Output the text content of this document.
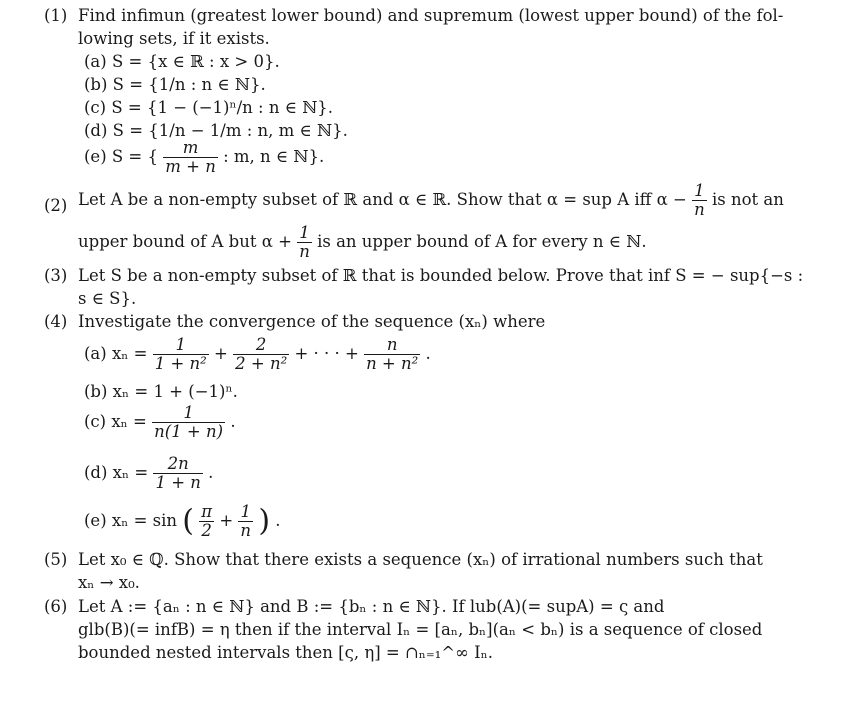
(1) Find infimun (greatest lower bound) and supremum (lowest upper bound) of the fol-
lowing sets, if it exists.
(a) S = {x ∈ ℝ : x > 0}.
(b) S = {1/n : n ∈ ℕ}.
(c) S = {1 − (−1)ⁿ/n : n ∈ ℕ}.
(d) S = {1/n − 1/m : n, m ∈ ℕ}.
(e) S = { $\frac{m}{m + n}$ : m, n ∈ ℕ}.
(2) Let A be a non-empty subset of ℝ and α ∈ ℝ. Show that α = sup A iff $\alpha - \frac{1}{n}$ is not an
upper bound of A but $\alpha + \frac{1}{n}$ is an upper bound of A for every n ∈ ℕ.
(3) Let S be a non-empty subset of ℝ that is bounded below. Prove that inf S = − sup{−s :
s ∈ S}.
(4) Investigate the convergence of the sequence (xₙ) where
(a) $x_n = \frac{1}{\text{1 + n²}} + \frac{2}{\text{2 + n²}}$ + · · · + $\frac{n}{\text{n + n²}}$ .
(b) xₙ = 1 + (−1)ⁿ.
(c) $x_n = \frac{1}{n(1 + n)}$ .
(d) $x_n = \frac{2n}{1 + n}$ .
(e) xₙ = sin ( $\frac{\pi}{2} + \frac{1}{n}$ ) .
(5) Let x₀ ∈ ℚ. Show that there exists a sequence (xₙ) of irrational numbers such that
xₙ → x₀.
(6) Let A := {aₙ : n ∈ ℕ} and B := {bₙ : n ∈ ℕ}. If lub(A)(= supA) = ς and
glb(B)(= infB) = η then if the interval Iₙ = [aₙ, bₙ](aₙ < bₙ) is a sequence of closed
bounded nested intervals then [ς, η] = ∩ₙ₌₁^∞ Iₙ.
